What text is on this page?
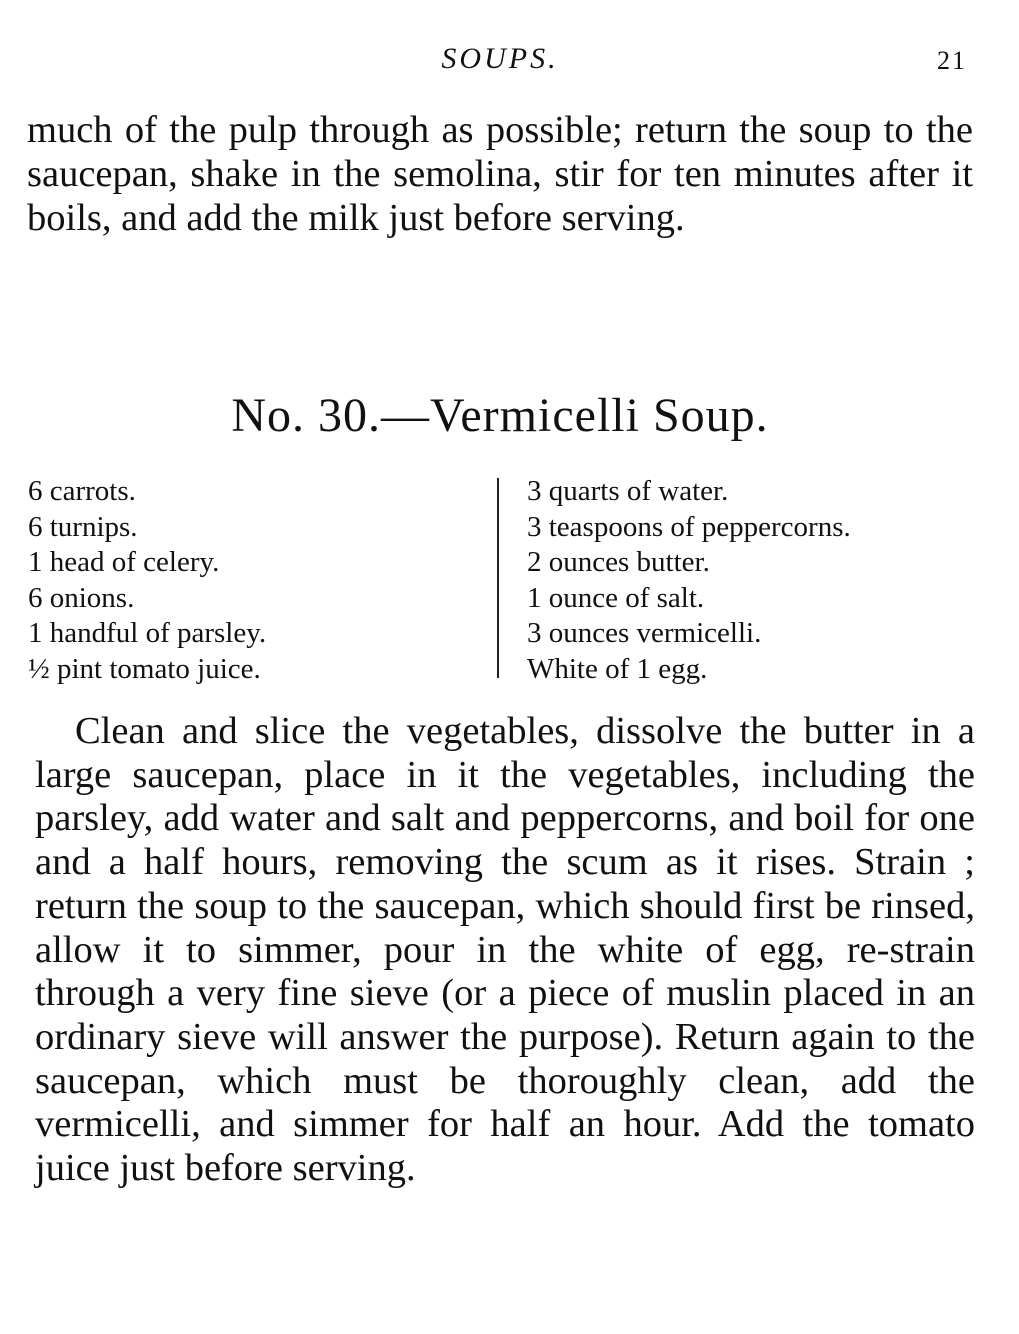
SOUPS.	21

much of the pulp through as possible; return the soup to the saucepan, shake in the semolina, stir for ten minutes after it boils, and add the milk just before serving.

No. 30.—Vermicelli Soup.
6 carrots.
6 turnips.
1 head of celery.
6 onions.
1 handful of parsley.
½ pint tomato juice.
3 quarts of water.
3 teaspoons of peppercorns.
2 ounces butter.
1 ounce of salt.
3 ounces vermicelli.
White of 1 egg.

Clean and slice the vegetables, dissolve the butter in a large saucepan, place in it the vegetables, including the parsley, add water and salt and peppercorns, and boil for one and a half hours, removing the scum as it rises. Strain ; return the soup to the saucepan, which should first be rinsed, allow it to simmer, pour in the white of egg, re-strain through a very fine sieve (or a piece of muslin placed in an ordinary sieve will answer the purpose). Return again to the saucepan, which must be thoroughly clean, add the vermicelli, and simmer for half an hour. Add the tomato juice just before serving.
